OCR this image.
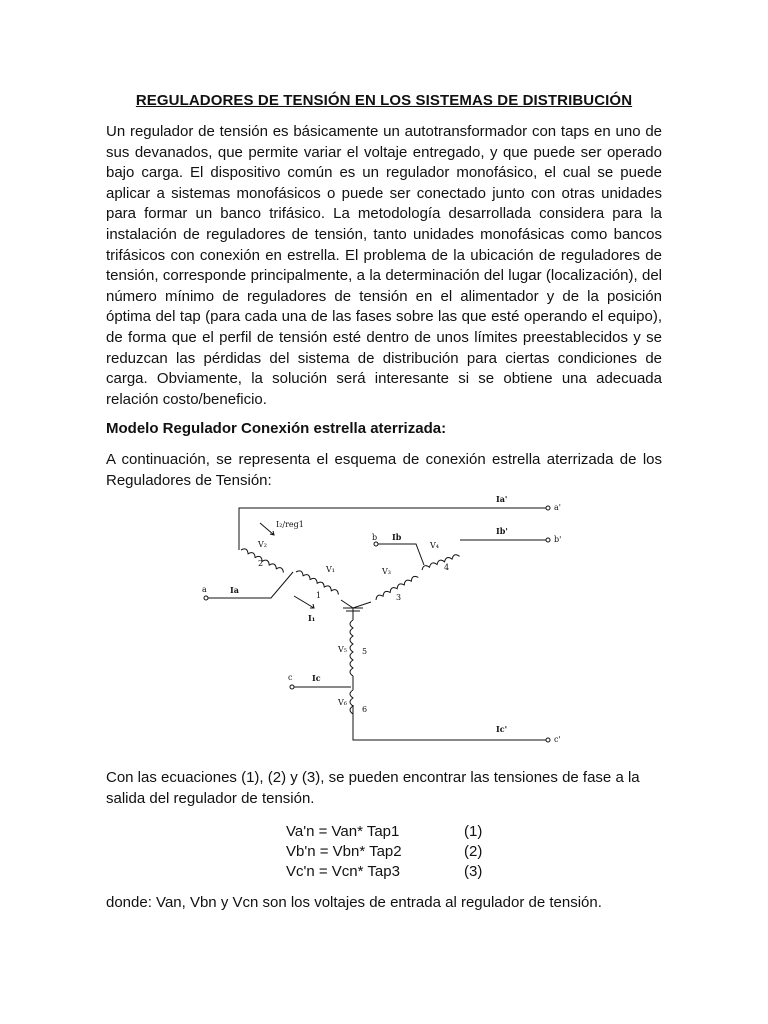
REGULADORES DE TENSIÓN EN LOS SISTEMAS DE DISTRIBUCIÓN

Un regulador de tensión es básicamente un autotransformador con taps en uno de sus devanados, que permite variar el voltaje entregado, y que puede ser operado bajo carga. El dispositivo común es un regulador monofásico, el cual se puede aplicar a sistemas monofásicos o puede ser conectado junto con otras unidades para formar un banco trifásico. La metodología desarrollada considera para la instalación de reguladores de tensión, tanto unidades monofásicas como bancos trifásicos con conexión en estrella. El problema de la ubicación de reguladores de tensión, corresponde principalmente, a la determinación del lugar (localización), del número mínimo de reguladores de tensión en el alimentador y de la posición óptima del tap (para cada una de las fases sobre las que esté operando el equipo), de forma que el perfil de tensión esté dentro de unos límites preestablecidos y se reduzcan las pérdidas del sistema de distribución para ciertas condiciones de carga. Obviamente, la solución será interesante si se obtiene una adecuada relación costo/beneficio.

Modelo Regulador Conexión estrella aterrizada:

A continuación, se representa el esquema de conexión estrella aterrizada de los Reguladores de Tensión:

Ia'
a'
Ib'
b'
Ic'
c'
a	Ia
b Ib
c Ic
I₂/reg1
I₁
V₂
V₁	V₃
V₄
V₅
V₆
2
1	3
4
5
6

Con las ecuaciones (1), (2) y (3), se pueden encontrar las tensiones de fase a la salida del regulador de tensión.

Va'n = Van* Tap1	(1)
Vb'n = Vbn* Tap2	(2)
Vc'n = Vcn* Tap3	(3)

donde: Van, Vbn y Vcn son los voltajes de entrada al regulador de tensión.
